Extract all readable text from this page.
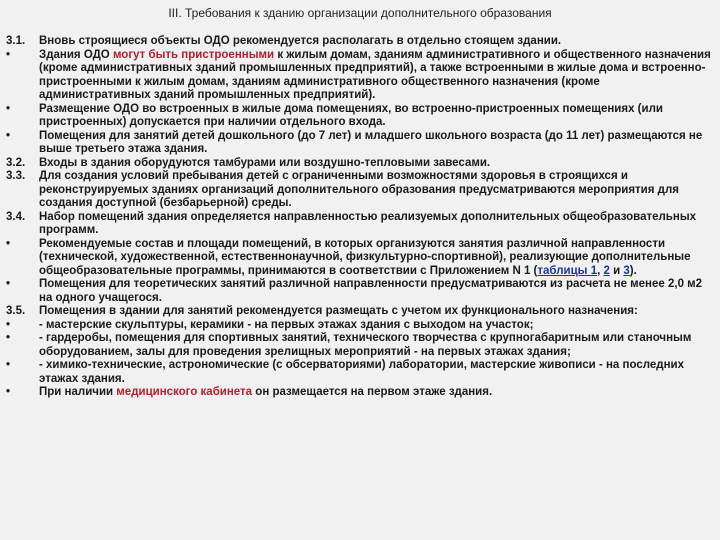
III. Требования к зданию организации дополнительного образования
3.1.	Вновь строящиеся объекты ОДО рекомендуется располагать в отдельно стоящем здании.
•	Здания ОДО могут быть пристроенными к жилым домам, зданиям административного и общественного назначения (кроме административных зданий промышленных предприятий), а также встроенными в жилые дома и встроенно-пристроенными к жилым домам, зданиям административного общественного назначения (кроме административных зданий промышленных предприятий).
•	Размещение ОДО во встроенных в жилые дома помещениях, во встроенно-пристроенных помещениях (или пристроенных) допускается при наличии отдельного входа.
•	Помещения для занятий детей дошкольного (до 7 лет) и младшего школьного возраста (до 11 лет) размещаются не выше третьего этажа здания.
3.2.	Входы в здания оборудуются тамбурами или воздушно-тепловыми завесами.
3.3.	Для создания условий пребывания детей с ограниченными возможностями здоровья в строящихся и реконструируемых зданиях организаций дополнительного образования предусматриваются мероприятия для создания доступной (безбарьерной) среды.
3.4.	Набор помещений здания определяется направленностью реализуемых дополнительных общеобразовательных программ.
•	Рекомендуемые состав и площади помещений, в которых организуются занятия различной направленности (технической, художественной, естественнонаучной, физкультурно-спортивной), реализующие дополнительные общеобразовательные программы, принимаются в соответствии с Приложением N 1 (таблицы 1, 2 и 3).
•	Помещения для теоретических занятий различной направленности предусматриваются из расчета не менее 2,0 м2 на одного учащегося.
3.5.	Помещения в здании для занятий рекомендуется размещать с учетом их функционального назначения:
•	- мастерские скульптуры, керамики - на первых этажах здания с выходом на участок;
•	- гардеробы, помещения для спортивных занятий, технического творчества с крупногабаритным или станочным оборудованием, залы для проведения зрелищных мероприятий - на первых этажах здания;
•	- химико-технические, астрономические (с обсерваториями) лаборатории, мастерские живописи - на последних этажах здания.
•	При наличии медицинского кабинета он размещается на первом этаже здания.
